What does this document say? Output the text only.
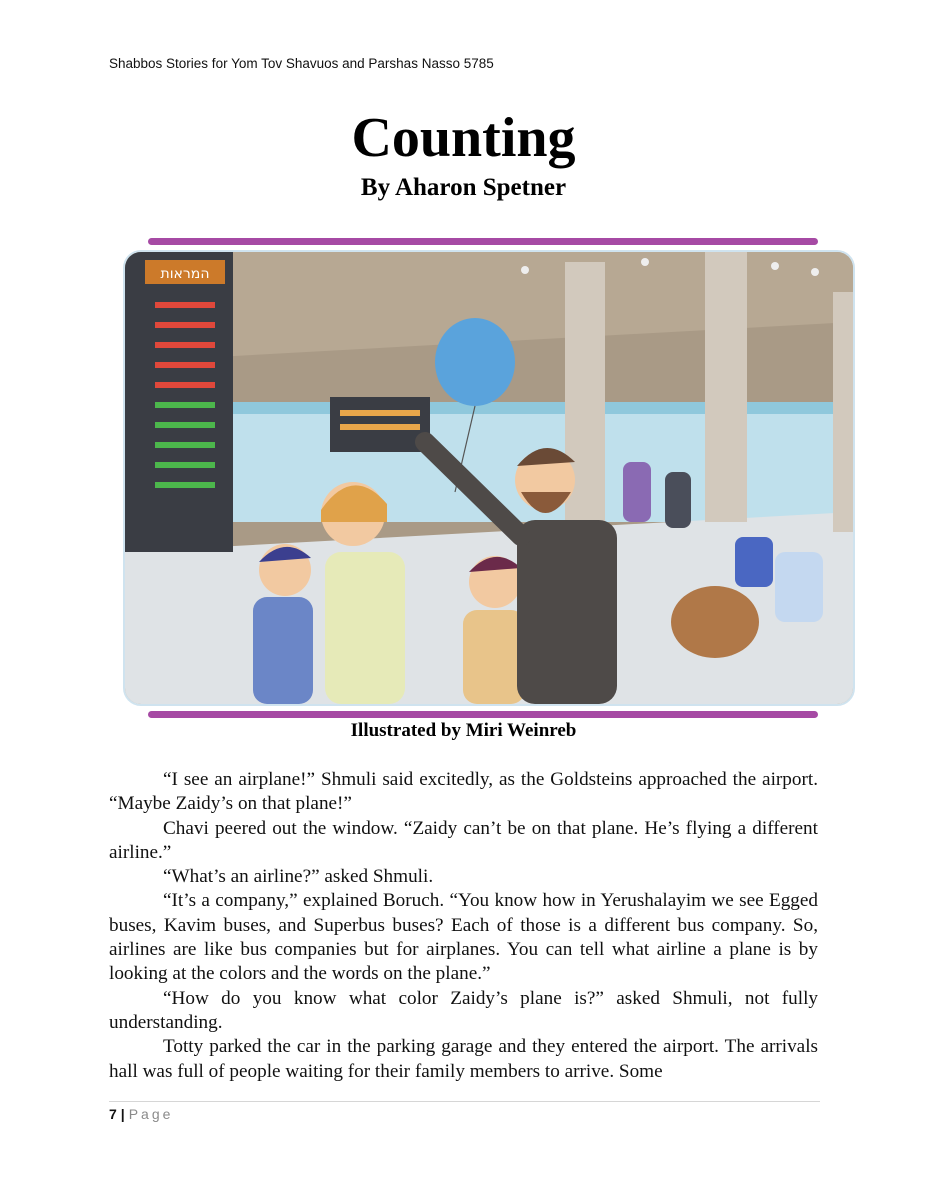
Shabbos Stories for Yom Tov Shavuos and Parshas Nasso 5785
Counting
By Aharon Spetner
המראות
Illustrated by Miri Weinreb

“I see an airplane!” Shmuli said excitedly, as the Goldsteins approached the airport. “Maybe Zaidy’s on that plane!”

Chavi peered out the window. “Zaidy can’t be on that plane. He’s flying a different airline.”

“What’s an airline?” asked Shmuli.

“It’s a company,” explained Boruch. “You know how in Yerushalayim we see Egged buses, Kavim buses, and Superbus buses? Each of those is a different bus company. So, airlines are like bus companies but for airplanes. You can tell what airline a plane is by looking at the colors and the words on the plane.”

“How do you know what color Zaidy’s plane is?” asked Shmuli, not fully understanding.

Totty parked the car in the parking garage and they entered the airport. The arrivals hall was full of people waiting for their family members to arrive. Some

7 | Page
